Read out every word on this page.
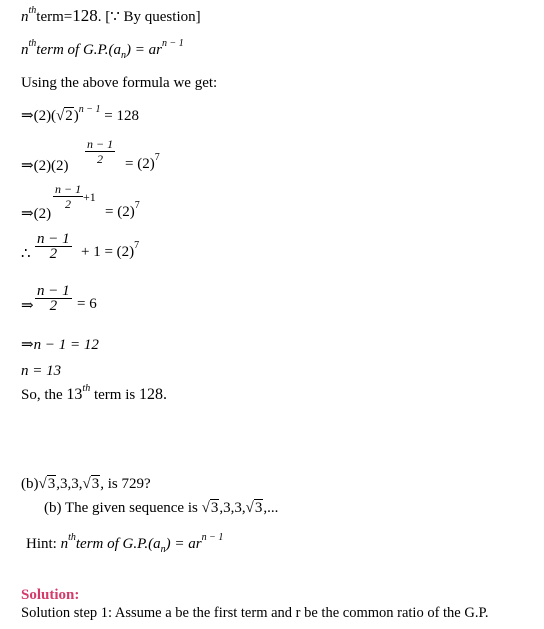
$n^{th}term=128$. [∵ By question]
$n^{th}term$ of $G.P.(a_n) = ar^{n - 1}$
Using the above formula we get:
$\Rightarrow(2)(√2)^{n - 1} = 128$
⇒(2)(2) $\frac{n - 1}{2} = (2)^7$
⇒(2)
$\frac{n - 1}{2} +1$
= $(2)^7$
∴ $\frac{n - 1}{2} + 1 = (2)^7$
⇒ $\frac{n - 1}{2} = 6$
⇒n − 1 = 12
n = 13
So, the 13th term is 128.
(b)√3,3,3,√3, is 729?
(b) The given sequence is √3,3,3,√3,...
Hint: $n^{th}term$ of $G.P.(a_n) = ar^{n - 1}$
Solution:
Solution step 1: Assume a be the first term and r be the common ratio of the G.P.
